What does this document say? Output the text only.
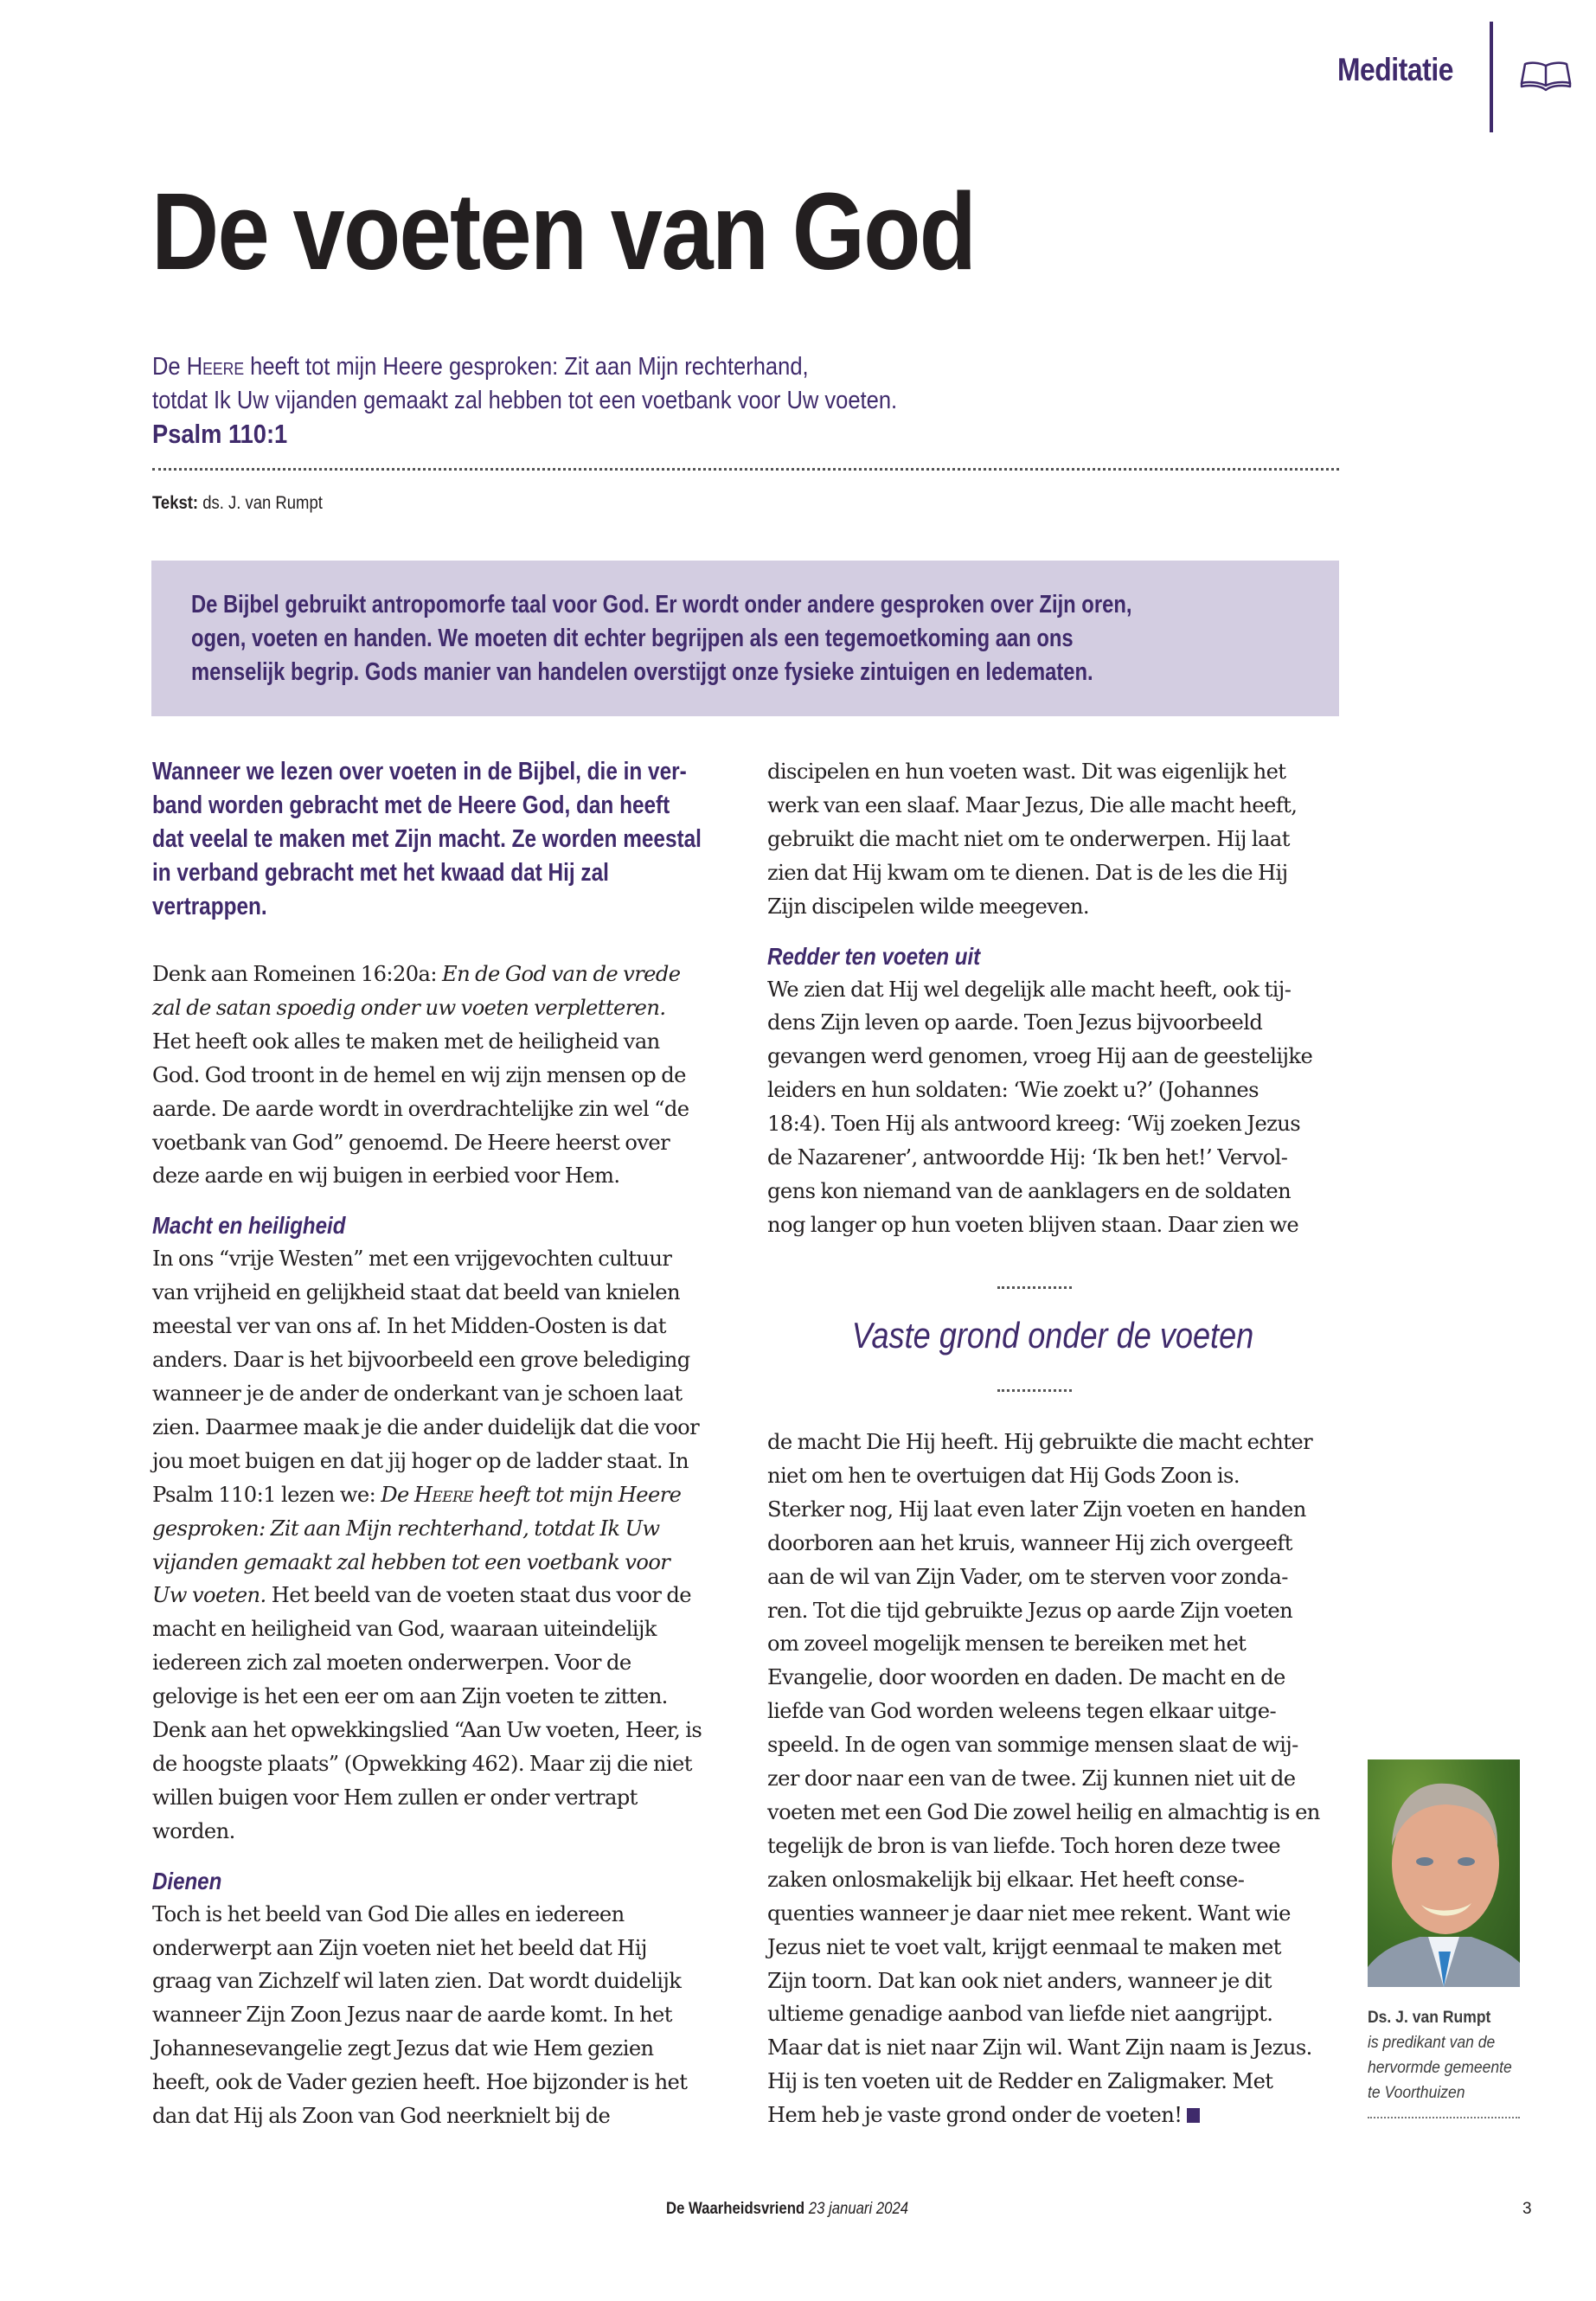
Meditatie
De voeten van God
De Heere heeft tot mijn Heere gesproken: Zit aan Mijn rechterhand,
totdat Ik Uw vijanden gemaakt zal hebben tot een voetbank voor Uw voeten.
Psalm 110:1
Tekst: ds. J. van Rumpt
De Bijbel gebruikt antropomorfe taal voor God. Er wordt onder andere gesproken over Zijn oren, ogen, voeten en handen. We moeten dit echter begrijpen als een tegemoetkoming aan ons menselijk begrip. Gods manier van handelen overstijgt onze fysieke zintuigen en ledematen.

Wanneer we lezen over voeten in de Bijbel, die in verband worden gebracht met de Heere God, dan heeft dat veelal te maken met Zijn macht. Ze worden meestal in verband gebracht met het kwaad dat Hij zal vertrappen.

Denk aan Romeinen 16:20a: En de God van de vrede zal de satan spoedig onder uw voeten verpletteren. Het heeft ook alles te maken met de heiligheid van God. God troont in de hemel en wij zijn mensen op de aarde. De aarde wordt in overdrachtelijke zin wel “de voetbank van God” genoemd. De Heere heerst over deze aarde en wij buigen in eerbied voor Hem.

Macht en heiligheid

In ons “vrije Westen” met een vrijgevochten cultuur van vrijheid en gelijkheid staat dat beeld van knielen meestal ver van ons af. In het Midden-Oosten is dat anders. Daar is het bijvoorbeeld een grove belediging wanneer je de ander de onderkant van je schoen laat zien. Daarmee maak je die ander duidelijk dat die voor jou moet buigen en dat jij hoger op de ladder staat. In Psalm 110:1 lezen we: De Heere heeft tot mijn Heere gesproken: Zit aan Mijn rechterhand, totdat Ik Uw vijanden gemaakt zal hebben tot een voetbank voor Uw voeten. Het beeld van de voeten staat dus voor de macht en heiligheid van God, waaraan uiteindelijk iedereen zich zal moeten onderwerpen. Voor de gelovige is het een eer om aan Zijn voeten te zitten. Denk aan het opwekkingslied “Aan Uw voeten, Heer, is de hoogste plaats” (Opwekking 462). Maar zij die niet willen buigen voor Hem zullen er onder vertrapt worden.

Dienen

Toch is het beeld van God Die alles en iedereen onderwerpt aan Zijn voeten niet het beeld dat Hij graag van Zichzelf wil laten zien. Dat wordt duidelijk wanneer Zijn Zoon Jezus naar de aarde komt. In het Johannesevangelie zegt Jezus dat wie Hem gezien heeft, ook de Vader gezien heeft. Hoe bijzonder is het dan dat Hij als Zoon van God neerknielt bij de

discipelen en hun voeten wast. Dit was eigenlijk het werk van een slaaf. Maar Jezus, Die alle macht heeft, gebruikt die macht niet om te onderwerpen. Hij laat zien dat Hij kwam om te dienen. Dat is de les die Hij Zijn discipelen wilde meegeven.

Redder ten voeten uit

We zien dat Hij wel degelijk alle macht heeft, ook tijdens Zijn leven op aarde. Toen Jezus bijvoorbeeld gevangen werd genomen, vroeg Hij aan de geestelijke leiders en hun soldaten: ‘Wie zoekt u?’ (Johannes 18:4). Toen Hij als antwoord kreeg: ‘Wij zoeken Jezus de Nazarener’, antwoordde Hij: ‘Ik ben het!’ Vervolgens kon niemand van de aanklagers en de soldaten nog langer op hun voeten blijven staan. Daar zien we

Vaste grond onder de voeten

de macht Die Hij heeft. Hij gebruikte die macht echter niet om hen te overtuigen dat Hij Gods Zoon is. Sterker nog, Hij laat even later Zijn voeten en handen doorboren aan het kruis, wanneer Hij zich overgeeft aan de wil van Zijn Vader, om te sterven voor zondaren. Tot die tijd gebruikte Jezus op aarde Zijn voeten om zoveel mogelijk mensen te bereiken met het Evangelie, door woorden en daden. De macht en de liefde van God worden weleens tegen elkaar uitgespeeld. In de ogen van sommige mensen slaat de wijzer door naar een van de twee. Zij kunnen niet uit de voeten met een God Die zowel heilig en almachtig is en tegelijk de bron is van liefde. Toch horen deze twee zaken onlosmakelijk bij elkaar. Het heeft consequenties wanneer je daar niet mee rekent. Want wie Jezus niet te voet valt, krijgt eenmaal te maken met Zijn toorn. Dat kan ook niet anders, wanneer je dit ultieme genadige aanbod van liefde niet aangrijpt. Maar dat is niet naar Zijn wil. Want Zijn naam is Jezus. Hij is ten voeten uit de Redder en Zaligmaker. Met Hem heb je vaste grond onder de voeten!

Ds. J. van Rumpt
is predikant van de
hervormde gemeente
te Voorthuizen
De Waarheidsvriend 23 januari 2024	3
